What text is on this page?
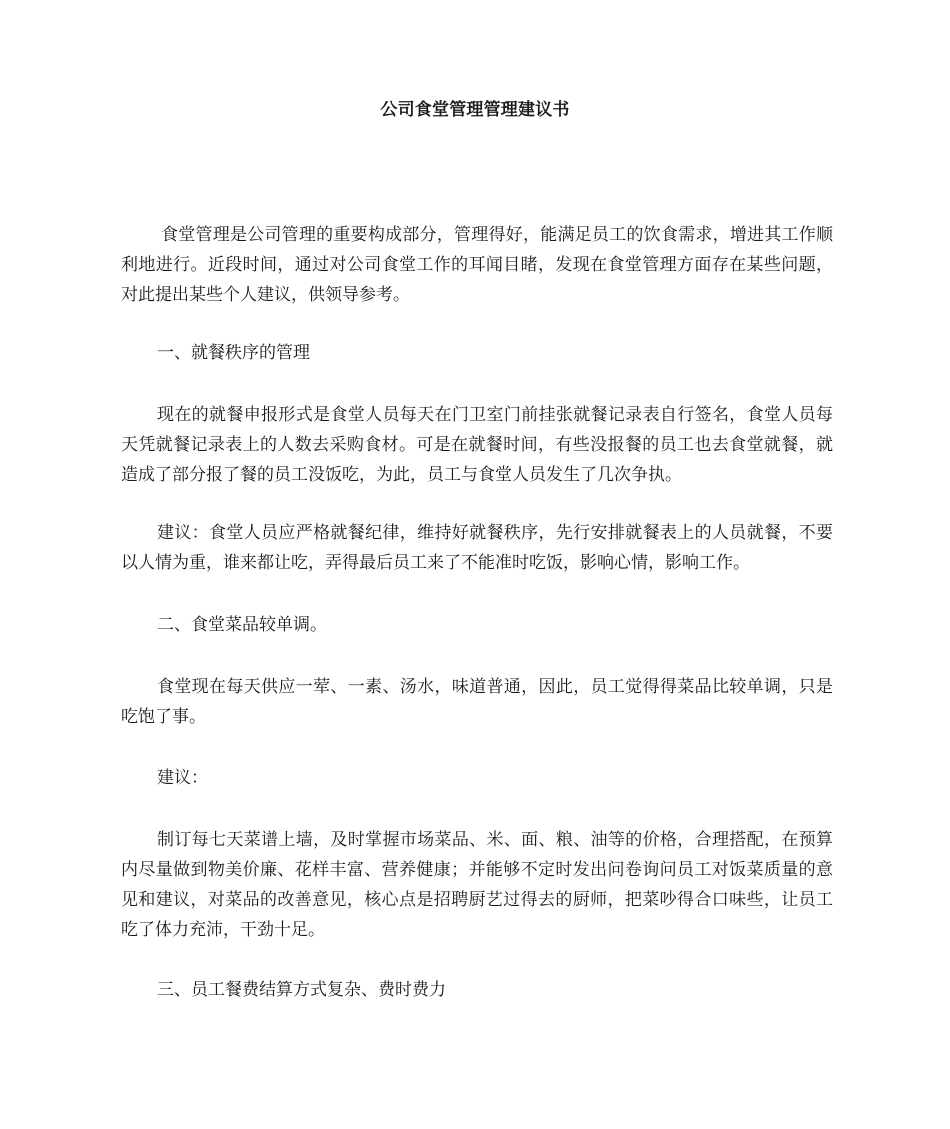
公司食堂管理管理建议书

食堂管理是公司管理的重要构成部分，管理得好，能满足员工的饮食需求，增进其工作顺利地进行。近段时间，通过对公司食堂工作的耳闻目睹，发现在食堂管理方面存在某些问题，对此提出某些个人建议，供领导参考。

一、就餐秩序的管理

现在的就餐申报形式是食堂人员每天在门卫室门前挂张就餐记录表自行签名，食堂人员每天凭就餐记录表上的人数去采购食材。可是在就餐时间，有些没报餐的员工也去食堂就餐，就造成了部分报了餐的员工没饭吃，为此，员工与食堂人员发生了几次争执。

建议：食堂人员应严格就餐纪律，维持好就餐秩序，先行安排就餐表上的人员就餐，不要以人情为重，谁来都让吃，弄得最后员工来了不能准时吃饭，影响心情，影响工作。

二、食堂菜品较单调。

食堂现在每天供应一荤、一素、汤水，味道普通，因此，员工觉得得菜品比较单调，只是吃饱了事。

建议：

制订每七天菜谱上墙，及时掌握市场菜品、米、面、粮、油等的价格，合理搭配，在预算内尽量做到物美价廉、花样丰富、营养健康；并能够不定时发出问卷询问员工对饭菜质量的意见和建议，对菜品的改善意见，核心点是招聘厨艺过得去的厨师，把菜吵得合口味些，让员工吃了体力充沛，干劲十足。

三、员工餐费结算方式复杂、费时费力
